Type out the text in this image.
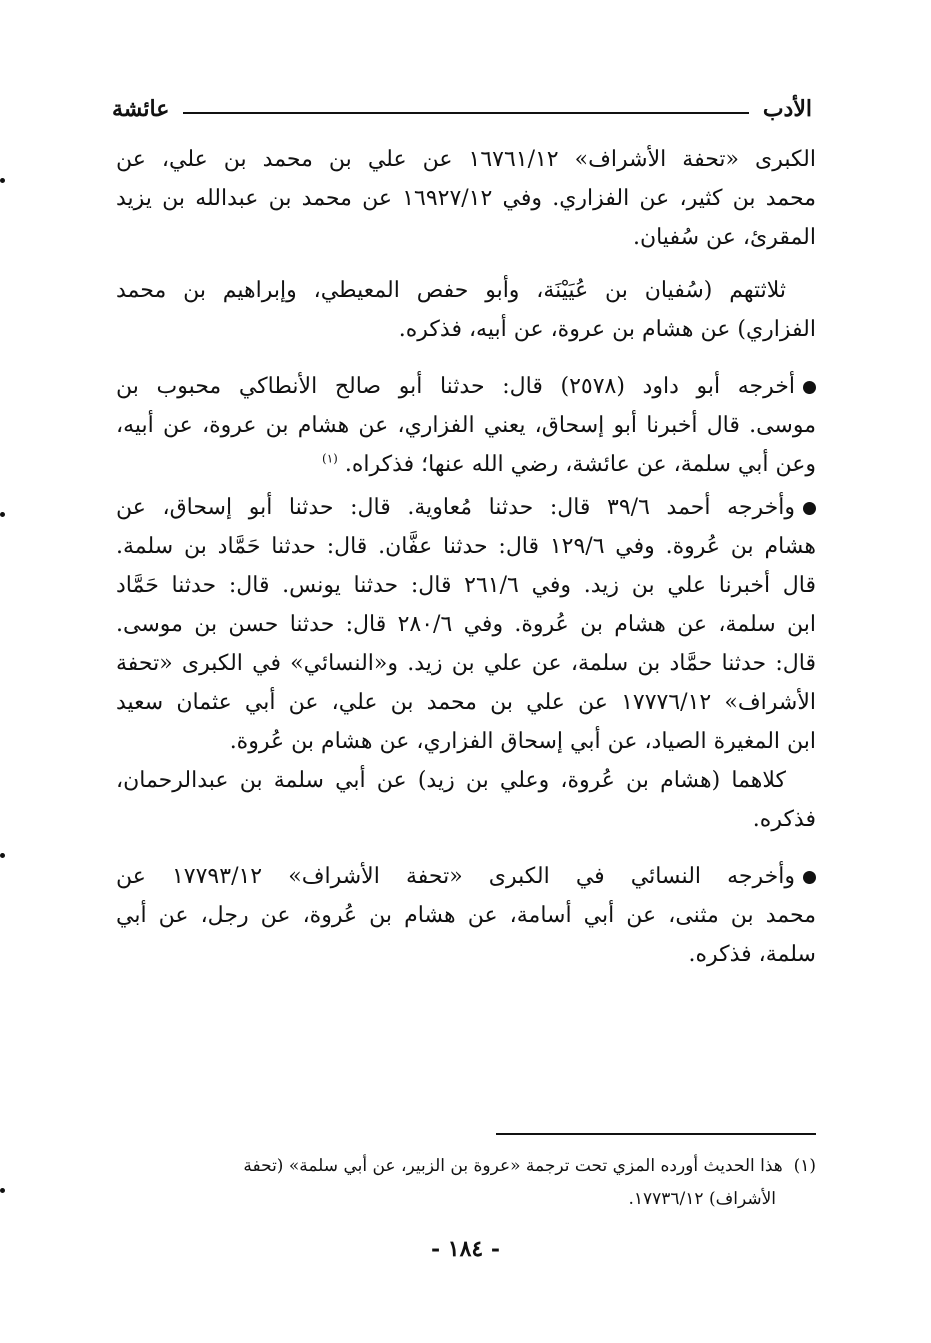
الأدب
عائشة
الكبرى «تحفة الأشراف» ١٦٧٦١/١٢ عن علي بن محمد بن علي، عن
محمد بن كثير، عن الفزاري. وفي ١٦٩٢٧/١٢ عن محمد بن عبدالله بن يزيد
المقرئ، عن سُفيان.
ثلاثتهم (سُفيان بن عُيَيْنَة، وأبو حفص المعيطي، وإبراهيم بن محمد
الفزاري) عن هشام بن عروة، عن أبيه، فذكره.
أخرجه أبو داود (٢٥٧٨) قال: حدثنا أبو صالح الأنطاكي محبوب بن
موسى. قال أخبرنا أبو إسحاق، يعني الفزاري، عن هشام بن عروة، عن أبيه،
وعن أبي سلمة، عن عائشة، رضي الله عنها؛ فذكراه. $^{(١)}$
وأخرجه أحمد ٣٩/٦ قال: حدثنا مُعاوية. قال: حدثنا أبو إسحاق، عن
هشام بن عُروة. وفي ١٢٩/٦ قال: حدثنا عفَّان. قال: حدثنا حَمَّاد بن سلمة.
قال أخبرنا علي بن زيد. وفي ٢٦١/٦ قال: حدثنا يونس. قال: حدثنا حَمَّاد
ابن سلمة، عن هشام بن عُروة. وفي ٢٨٠/٦ قال: حدثنا حسن بن موسى.
قال: حدثنا حمَّاد بن سلمة، عن علي بن زيد. و«النسائي» في الكبرى «تحفة
الأشراف» ١٧٧٧٦/١٢ عن علي بن محمد بن علي، عن أبي عثمان سعيد
ابن المغيرة الصياد، عن أبي إسحاق الفزاري، عن هشام بن عُروة.
كلاهما (هشام بن عُروة، وعلي بن زيد) عن أبي سلمة بن عبدالرحمان،
فذكره.
وأخرجه النسائي في الكبرى «تحفة الأشراف» ١٧٧٩٣/١٢ عن
محمد بن مثنى، عن أبي أسامة، عن هشام بن عُروة، عن رجل، عن أبي
سلمة، فذكره.
(١)  هذا الحديث أورده المزي تحت ترجمة «عروة بن الزبير، عن أبي سلمة» (تحفة
الأشراف) ١٧٧٣٦/١٢.
- ١٨٤ -
